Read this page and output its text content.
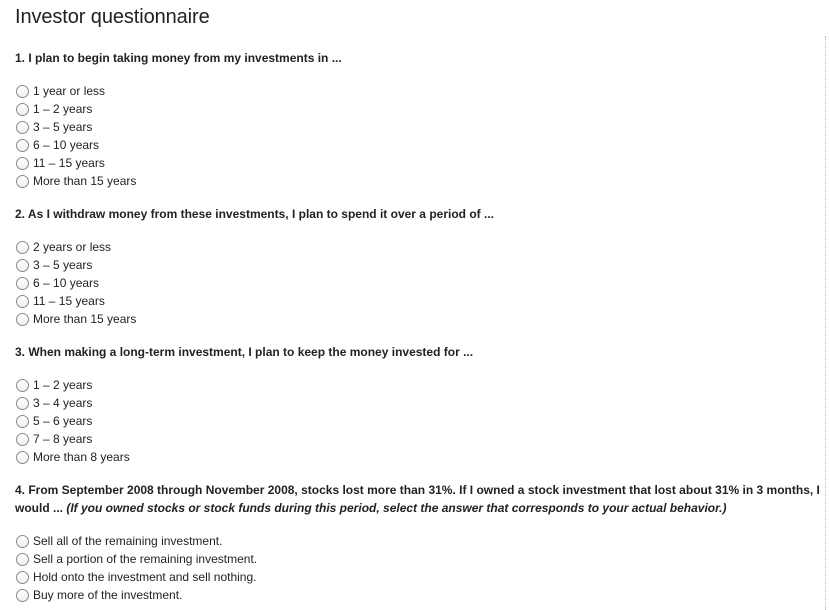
Investor questionnaire

1. I plan to begin taking money from my investments in ...

1 year or less
1 – 2 years
3 – 5 years
6 – 10 years
11 – 15 years
More than 15 years

2. As I withdraw money from these investments, I plan to spend it over a period of ...

2 years or less
3 – 5 years
6 – 10 years
11 – 15 years
More than 15 years

3. When making a long-term investment, I plan to keep the money invested for ...

1 – 2 years
3 – 4 years
5 – 6 years
7 – 8 years
More than 8 years

4. From September 2008 through November 2008, stocks lost more than 31%. If I owned a stock investment that lost about 31% in 3 months, I would ... (If you owned stocks or stock funds during this period, select the answer that corresponds to your actual behavior.)

Sell all of the remaining investment.
Sell a portion of the remaining investment.
Hold onto the investment and sell nothing.
Buy more of the investment.
